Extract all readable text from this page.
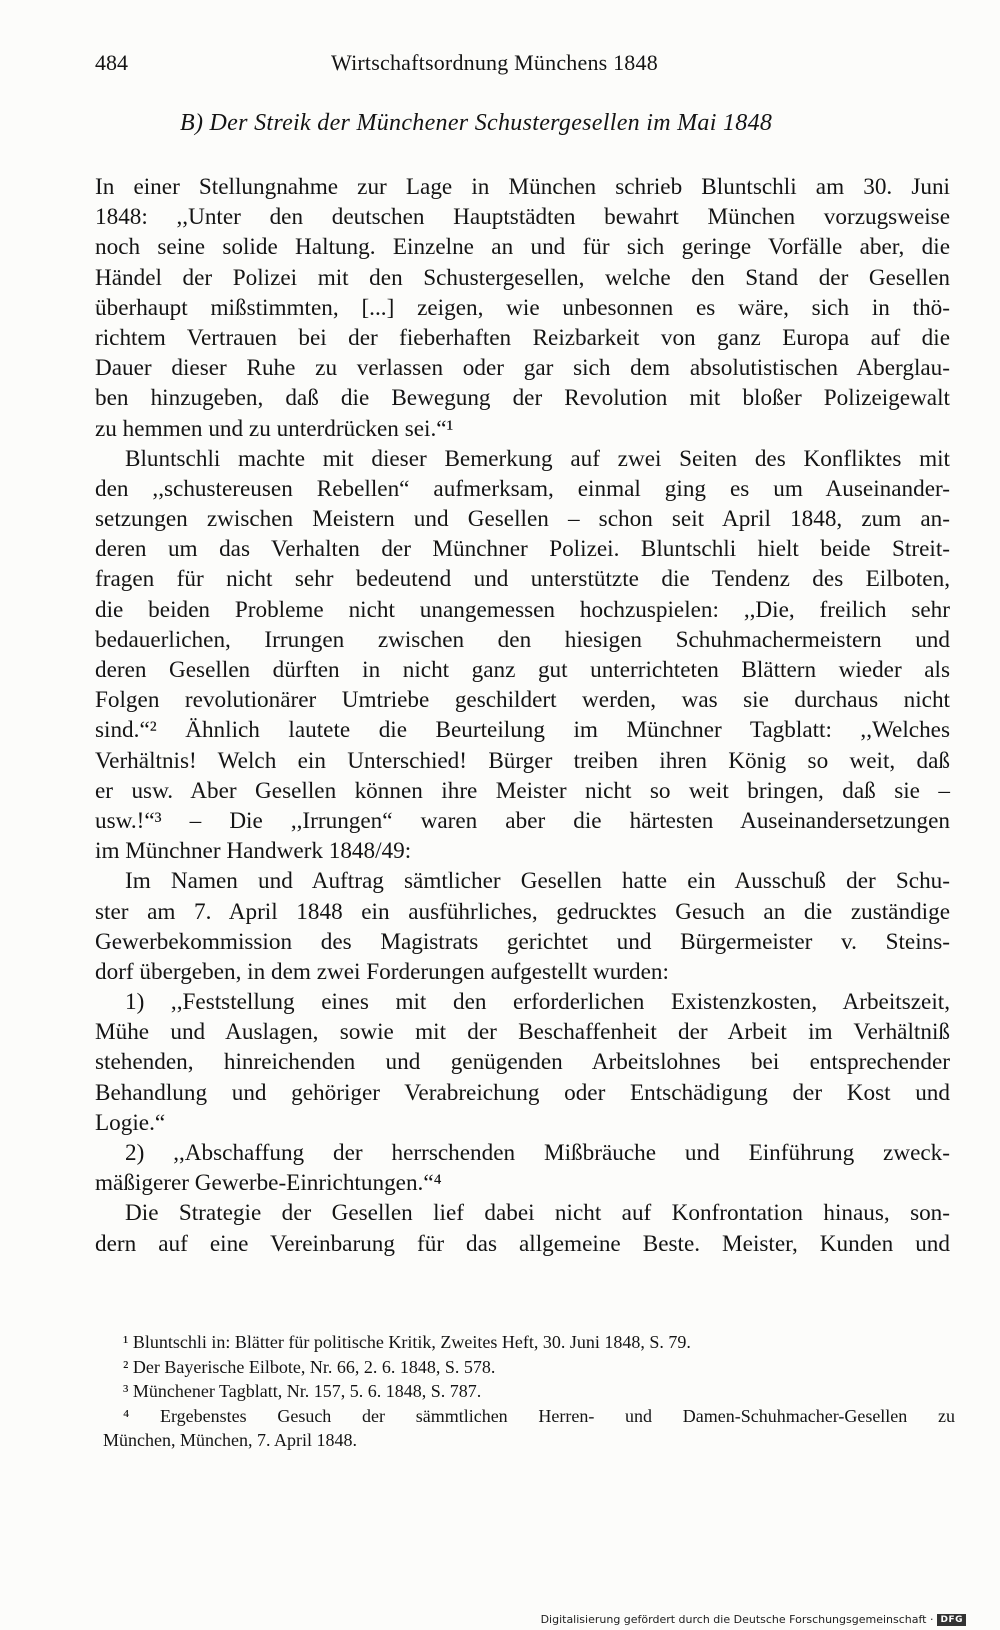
484	Wirtschaftsordnung Münchens 1848
B) Der Streik der Münchener Schustergesellen im Mai 1848
In einer Stellungnahme zur Lage in München schrieb Bluntschli am 30. Juni
1848: ,,Unter den deutschen Hauptstädten bewahrt München vorzugsweise
noch seine solide Haltung. Einzelne an und für sich geringe Vorfälle aber, die
Händel der Polizei mit den Schustergesellen, welche den Stand der Gesellen
überhaupt mißstimmten, [...] zeigen, wie unbesonnen es wäre, sich in thö-
richtem Vertrauen bei der fieberhaften Reizbarkeit von ganz Europa auf die
Dauer dieser Ruhe zu verlassen oder gar sich dem absolutistischen Aberglau-
ben hinzugeben, daß die Bewegung der Revolution mit bloßer Polizeigewalt
zu hemmen und zu unterdrücken sei.“¹
Bluntschli machte mit dieser Bemerkung auf zwei Seiten des Konfliktes mit
den ,,schustereusen Rebellen“ aufmerksam, einmal ging es um Auseinander-
setzungen zwischen Meistern und Gesellen – schon seit April 1848, zum an-
deren um das Verhalten der Münchner Polizei. Bluntschli hielt beide Streit-
fragen für nicht sehr bedeutend und unterstützte die Tendenz des Eilboten,
die beiden Probleme nicht unangemessen hochzuspielen: ,,Die, freilich sehr
bedauerlichen, Irrungen zwischen den hiesigen Schuhmachermeistern und
deren Gesellen dürften in nicht ganz gut unterrichteten Blättern wieder als
Folgen revolutionärer Umtriebe geschildert werden, was sie durchaus nicht
sind.“² Ähnlich lautete die Beurteilung im Münchner Tagblatt: ,,Welches
Verhältnis! Welch ein Unterschied! Bürger treiben ihren König so weit, daß
er usw. Aber Gesellen können ihre Meister nicht so weit bringen, daß sie –
usw.!“³ – Die ,,Irrungen“ waren aber die härtesten Auseinandersetzungen
im Münchner Handwerk 1848/49:
Im Namen und Auftrag sämtlicher Gesellen hatte ein Ausschuß der Schu-
ster am 7. April 1848 ein ausführliches, gedrucktes Gesuch an die zuständige
Gewerbekommission des Magistrats gerichtet und Bürgermeister v. Steins-
dorf übergeben, in dem zwei Forderungen aufgestellt wurden:
1) ,,Feststellung eines mit den erforderlichen Existenzkosten, Arbeitszeit,
Mühe und Auslagen, sowie mit der Beschaffenheit der Arbeit im Verhältniß
stehenden, hinreichenden und genügenden Arbeitslohnes bei entsprechender
Behandlung und gehöriger Verabreichung oder Entschädigung der Kost und
Logie.“
2) ,,Abschaffung der herrschenden Mißbräuche und Einführung zweck-
mäßigerer Gewerbe-Einrichtungen.“⁴
Die Strategie der Gesellen lief dabei nicht auf Konfrontation hinaus, son-
dern auf eine Vereinbarung für das allgemeine Beste. Meister, Kunden und
¹ Bluntschli in: Blätter für politische Kritik, Zweites Heft, 30. Juni 1848, S. 79.
² Der Bayerische Eilbote, Nr. 66, 2. 6. 1848, S. 578.
³ Münchener Tagblatt, Nr. 157, 5. 6. 1848, S. 787.
⁴ Ergebenstes Gesuch der sämmtlichen Herren- und Damen-Schuhmacher-Gesellen zu
München, München, 7. April 1848.
Digitalisierung gefördert durch die Deutsche Forschungsgemeinschaft · DFG
